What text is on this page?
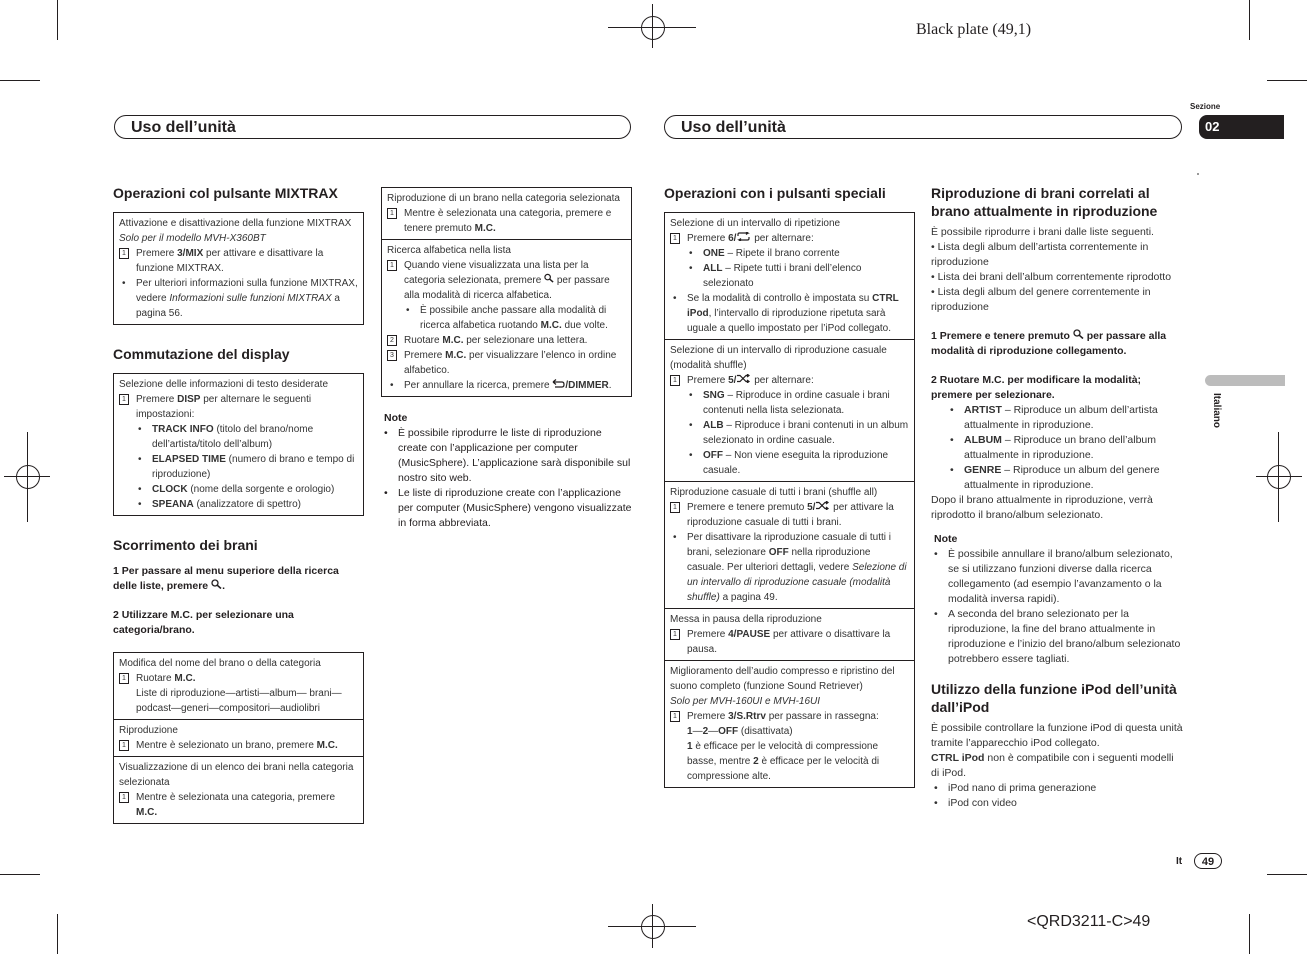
Black plate (49,1)
<QRD3211-C>49
Uso dell’unità	Uso dell’unità
Sezione
02
Italiano
It	49
Operazioni col pulsante MIXTRAX
Attivazione e disattivazione della funzione MIXTRAX
Solo per il modello MVH-X360BT
1	Premere 3/MIX per attivare e disattivare la funzione MIXTRAX.
• Per ulteriori informazioni sulla funzione MIXTRAX, vedere Informazioni sulle funzioni MIXTRAX a pagina 56.
Commutazione del display
Selezione delle informazioni di testo desiderate
1	Premere DISP per alternare le seguenti impostazioni:
• TRACK INFO (titolo del brano/nome dell’artista/titolo dell’album)
• ELAPSED TIME (numero di brano e tempo di riproduzione)
• CLOCK (nome della sorgente e orologio)
• SPEANA (analizzatore di spettro)
Scorrimento dei brani
1 Per passare al menu superiore della ricerca delle liste, premere .
2 Utilizzare M.C. per selezionare una categoria/brano.
Modifica del nome del brano o della categoria
1	Ruotare M.C.
Liste di riproduzione—artisti—album— brani—podcast—generi—compositori—audiolibri
Riproduzione
1	Mentre è selezionato un brano, premere M.C.
Visualizzazione di un elenco dei brani nella categoria selezionata
1	Mentre è selezionata una categoria, premere M.C.
Riproduzione di un brano nella categoria selezionata
1	Mentre è selezionata una categoria, premere e tenere premuto M.C.
Ricerca alfabetica nella lista
1	Quando viene visualizzata una lista per la categoria selezionata, premere  per passare alla modalità di ricerca alfabetica.
• È possibile anche passare alla modalità di ricerca alfabetica ruotando M.C. due volte.
2	Ruotare M.C. per selezionare una lettera.
3	Premere M.C. per visualizzare l’elenco in ordine alfabetico.
• Per annullare la ricerca, premere /DIMMER.
Note
• È possibile riprodurre le liste di riproduzione create con l’applicazione per computer (MusicSphere). L’applicazione sarà disponibile sul nostro sito web.
• Le liste di riproduzione create con l’applicazione per computer (MusicSphere) vengono visualizzate in forma abbreviata.
Operazioni con i pulsanti speciali
Selezione di un intervallo di ripetizione
1	Premere 6/ per alternare:
• ONE – Ripete il brano corrente
• ALL – Ripete tutti i brani dell’elenco selezionato
• Se la modalità di controllo è impostata su CTRL iPod, l’intervallo di riproduzione ripetuta sarà uguale a quello impostato per l’iPod collegato.
Selezione di un intervallo di riproduzione casuale (modalità shuffle)
1	Premere 5/ per alternare:
• SNG – Riproduce in ordine casuale i brani contenuti nella lista selezionata.
• ALB – Riproduce i brani contenuti in un album selezionato in ordine casuale.
• OFF – Non viene eseguita la riproduzione casuale.
Riproduzione casuale di tutti i brani (shuffle all)
1	Premere e tenere premuto 5/ per attivare la riproduzione casuale di tutti i brani.
• Per disattivare la riproduzione casuale di tutti i brani, selezionare OFF nella riproduzione casuale. Per ulteriori dettagli, vedere Selezione di un intervallo di riproduzione casuale (modalità shuffle) a pagina 49.
Messa in pausa della riproduzione
1	Premere 4/PAUSE per attivare o disattivare la pausa.
Miglioramento dell’audio compresso e ripristino del suono completo (funzione Sound Retriever)
Solo per MVH-160UI e MVH-16UI
1	Premere 3/S.Rtrv per passare in rassegna:
1—2—OFF (disattivata)
1 è efficace per le velocità di compressione basse, mentre 2 è efficace per le velocità di compressione alte.
Riproduzione di brani correlati al brano attualmente in riproduzione
È possibile riprodurre i brani dalle liste seguenti.
• Lista degli album dell’artista correntemente in riproduzione
• Lista dei brani dell’album correntemente riprodotto
• Lista degli album del genere correntemente in riproduzione
1 Premere e tenere premuto  per passare alla modalità di riproduzione collegamento.
2 Ruotare M.C. per modificare la modalità; premere per selezionare.
• ARTIST – Riproduce un album dell’artista attualmente in riproduzione.
• ALBUM – Riproduce un brano dell’album attualmente in riproduzione.
• GENRE – Riproduce un album del genere attualmente in riproduzione.
Dopo il brano attualmente in riproduzione, verrà riprodotto il brano/album selezionato.
Note
• È possibile annullare il brano/album selezionato, se si utilizzano funzioni diverse dalla ricerca collegamento (ad esempio l’avanzamento o la modalità inversa rapidi).
• A seconda del brano selezionato per la riproduzione, la fine del brano attualmente in riproduzione e l’inizio del brano/album selezionato potrebbero essere tagliati.
Utilizzo della funzione iPod dell’unità dall’iPod
È possibile controllare la funzione iPod di questa unità tramite l’apparecchio iPod collegato.
CTRL iPod non è compatibile con i seguenti modelli di iPod.
• iPod nano di prima generazione
• iPod con video
